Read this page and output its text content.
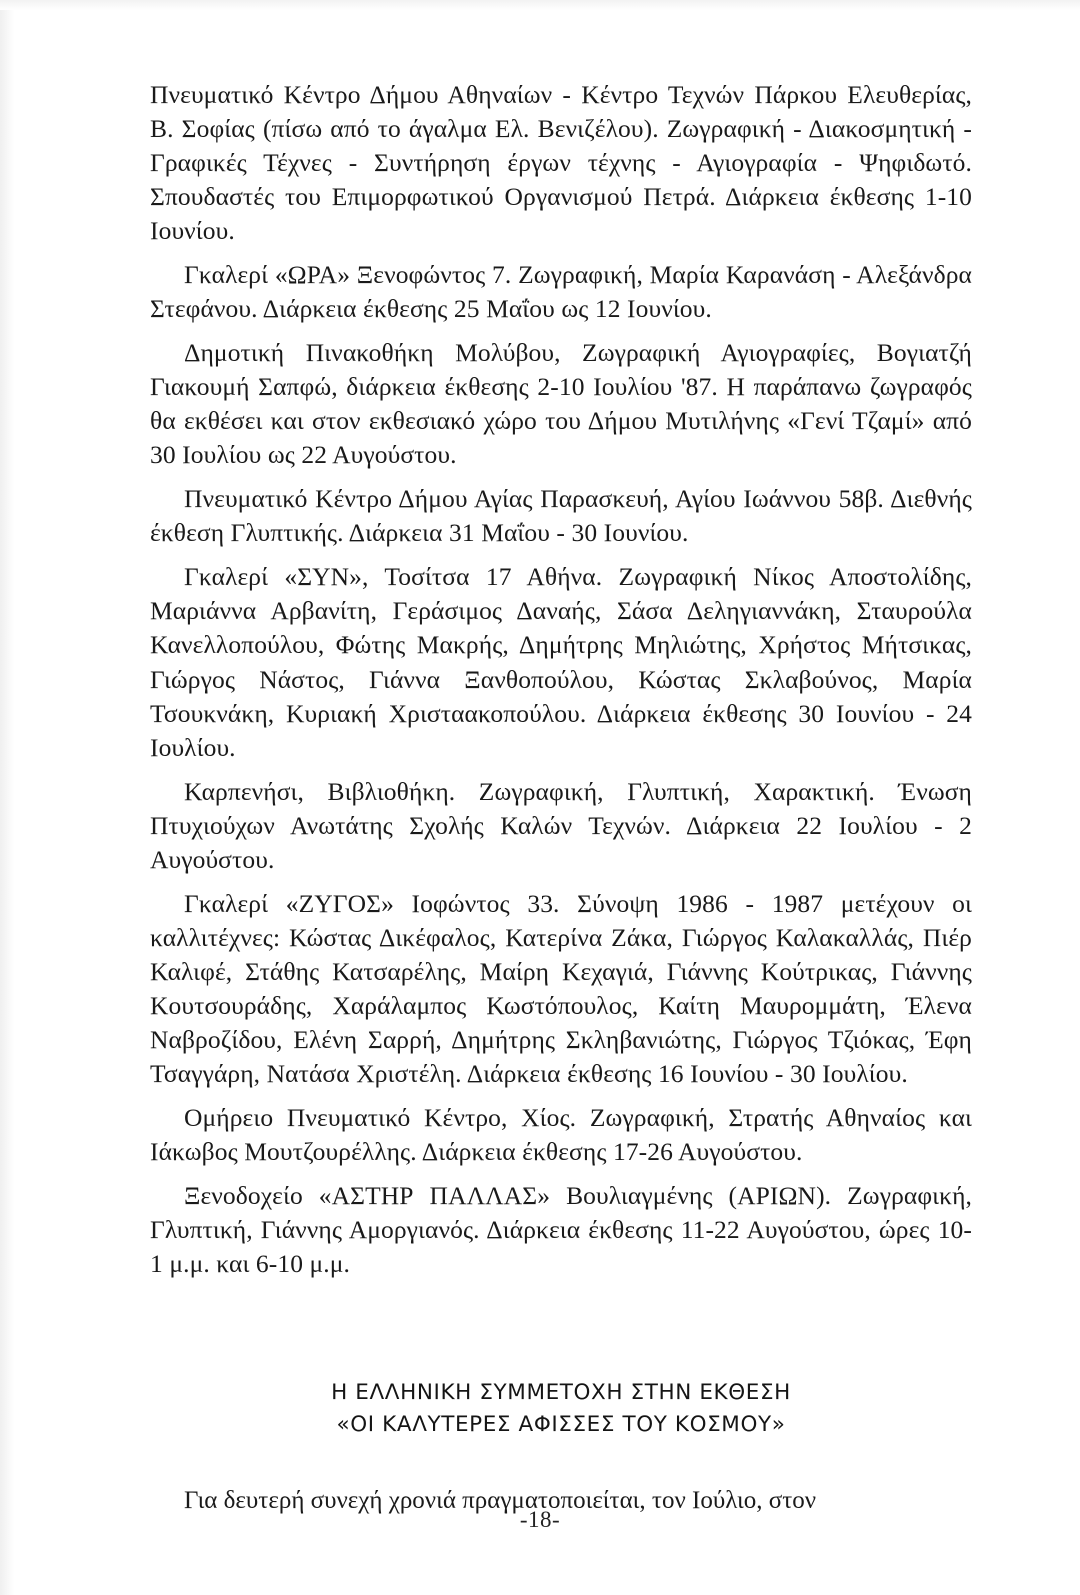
Πνευματικό Κέντρο Δήμου Αθηναίων - Κέντρο Τεχνών Πάρκου Ελευθερίας, Β. Σοφίας (πίσω από το άγαλμα Ελ. Βενιζέλου). Ζωγραφική - Διακοσμητική - Γραφικές Τέχνες - Συντήρηση έργων τέχνης - Αγιογραφία - Ψηφιδωτό. Σπουδαστές του Επιμορφωτικού Οργανισμού Πετρά. Διάρκεια έκθεσης 1-10 Ιουνίου.

Γκαλερί «ΩΡΑ» Ξενοφώντος 7. Ζωγραφική, Μαρία Καρανάση - Αλεξάνδρα Στεφάνου. Διάρκεια έκθεσης 25 Μαΐου ως 12 Ιουνίου.

Δημοτική Πινακοθήκη Μολύβου, Ζωγραφική Αγιογραφίες, Βογιατζή Γιακουμή Σαπφώ, διάρκεια έκθεσης 2-10 Ιουλίου '87. Η παράπανω ζωγραφός θα εκθέσει και στον εκθεσιακό χώρο του Δήμου Μυτιλήνης «Γενί Τζαμί» από 30 Ιουλίου ως 22 Αυγούστου.

Πνευματικό Κέντρο Δήμου Αγίας Παρασκευή, Αγίου Ιωάννου 58β. Διεθνής έκθεση Γλυπτικής. Διάρκεια 31 Μαΐου - 30 Ιουνίου.

Γκαλερί «ΣΥΝ», Τοσίτσα 17 Αθήνα. Ζωγραφική Νίκος Αποστολίδης, Μαριάννα Αρβανίτη, Γεράσιμος Δαναής, Σάσα Δεληγιαννάκη, Σταυρούλα Κανελλοπούλου, Φώτης Μακρής, Δημήτρης Μηλιώτης, Χρήστος Μήτσικας, Γιώργος Νάστος, Γιάννα Ξανθοπούλου, Κώστας Σκλαβούνος, Μαρία Τσουκνάκη, Κυριακή Χρισταακοπούλου. Διάρκεια έκθεσης 30 Ιουνίου - 24 Ιουλίου.

Καρπενήσι, Βιβλιοθήκη. Ζωγραφική, Γλυπτική, Χαρακτική. Ένωση Πτυχιούχων Ανωτάτης Σχολής Καλών Τεχνών. Διάρκεια 22 Ιουλίου - 2 Αυγούστου.

Γκαλερί «ΖΥΓΟΣ» Ιοφώντος 33. Σύνοψη 1986 - 1987 μετέχουν οι καλλιτέχνες: Κώστας Δικέφαλος, Κατερίνα Ζάκα, Γιώργος Καλακαλλάς, Πιέρ Καλιφέ, Στάθης Κατσαρέλης, Μαίρη Κεχαγιά, Γιάννης Κούτρικας, Γιάννης Κουτσουράδης, Χαράλαμπος Κωστόπουλος, Καίτη Μαυρομμάτη, Έλενα Ναβροζίδου, Ελένη Σαρρή, Δημήτρης Σκληβανιώτης, Γιώργος Τζιόκας, Έφη Τσαγγάρη, Νατάσα Χριστέλη. Διάρκεια έκθεσης 16 Ιουνίου - 30 Ιουλίου.

Ομήρειο Πνευματικό Κέντρο, Χίος. Ζωγραφική, Στρατής Αθηναίος και Ιάκωβος Μουτζουρέλλης. Διάρκεια έκθεσης 17-26 Αυγούστου.

Ξενοδοχείο «ΑΣΤΗΡ ΠΑΛΛΑΣ» Βουλιαγμένης (ΑΡΙΩΝ). Ζωγραφική, Γλυπτική, Γιάννης Αμοργιανός. Διάρκεια έκθεσης 11-22 Αυγούστου, ώρες 10-1 μ.μ. και 6-10 μ.μ.

Η ΕΛΛΗΝΙΚΗ ΣΥΜΜΕΤΟΧΗ ΣΤΗΝ ΕΚΘΕΣΗ
«ΟΙ ΚΑΛΥΤΕΡΕΣ ΑΦΙΣΣΕΣ ΤΟΥ ΚΟΣΜΟΥ»

Για δευτερή συνεχή χρονιά πραγματοποιείται, τον Ιούλιο, στον

-18-
